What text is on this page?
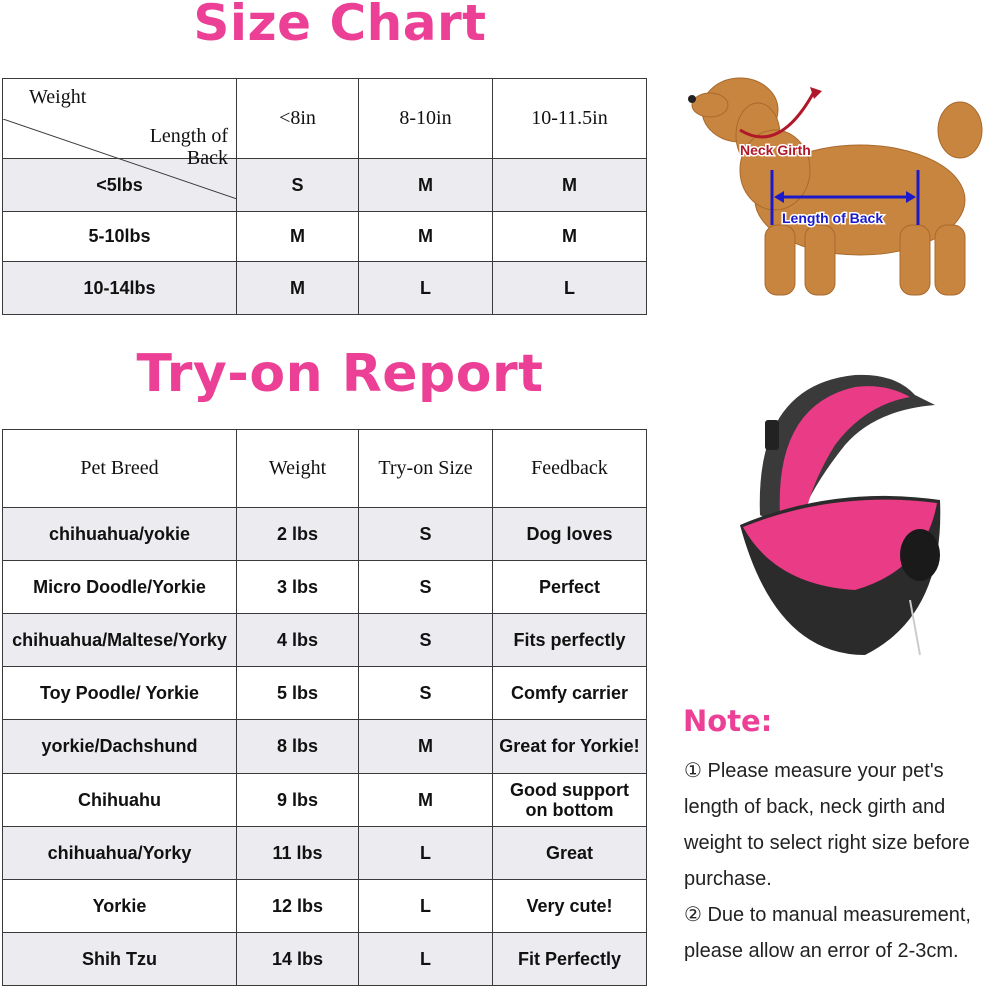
Size Chart
Length of
Back
Weight	<8in	8-10in	10-11.5in
<5lbs	S	M	M
5-10lbs	M	M	M
10-14lbs	M	L	L
Try-on Report
Pet Breed	Weight	Try-on Size	Feedback
chihuahua/yokie	2 lbs	S	Dog loves
Micro Doodle/Yorkie	3 lbs	S	Perfect
chihuahua/Maltese/Yorky	4 lbs	S	Fits perfectly
Toy Poodle/ Yorkie	5 lbs	S	Comfy carrier
yorkie/Dachshund	8 lbs	M	Great for Yorkie!
Chihuahu	9 lbs	M	Good support
on bottom
chihuahua/Yorky	11 lbs	L	Great
Yorkie	12 lbs	L	Very cute!
Shih Tzu	14 lbs	L	Fit Perfectly
Neck Girth
Length of Back
Note:

① Please measure your pet's length of back, neck girth and weight to select right size before purchase.

② Due to manual measurement, please allow an error of 2-3cm.
